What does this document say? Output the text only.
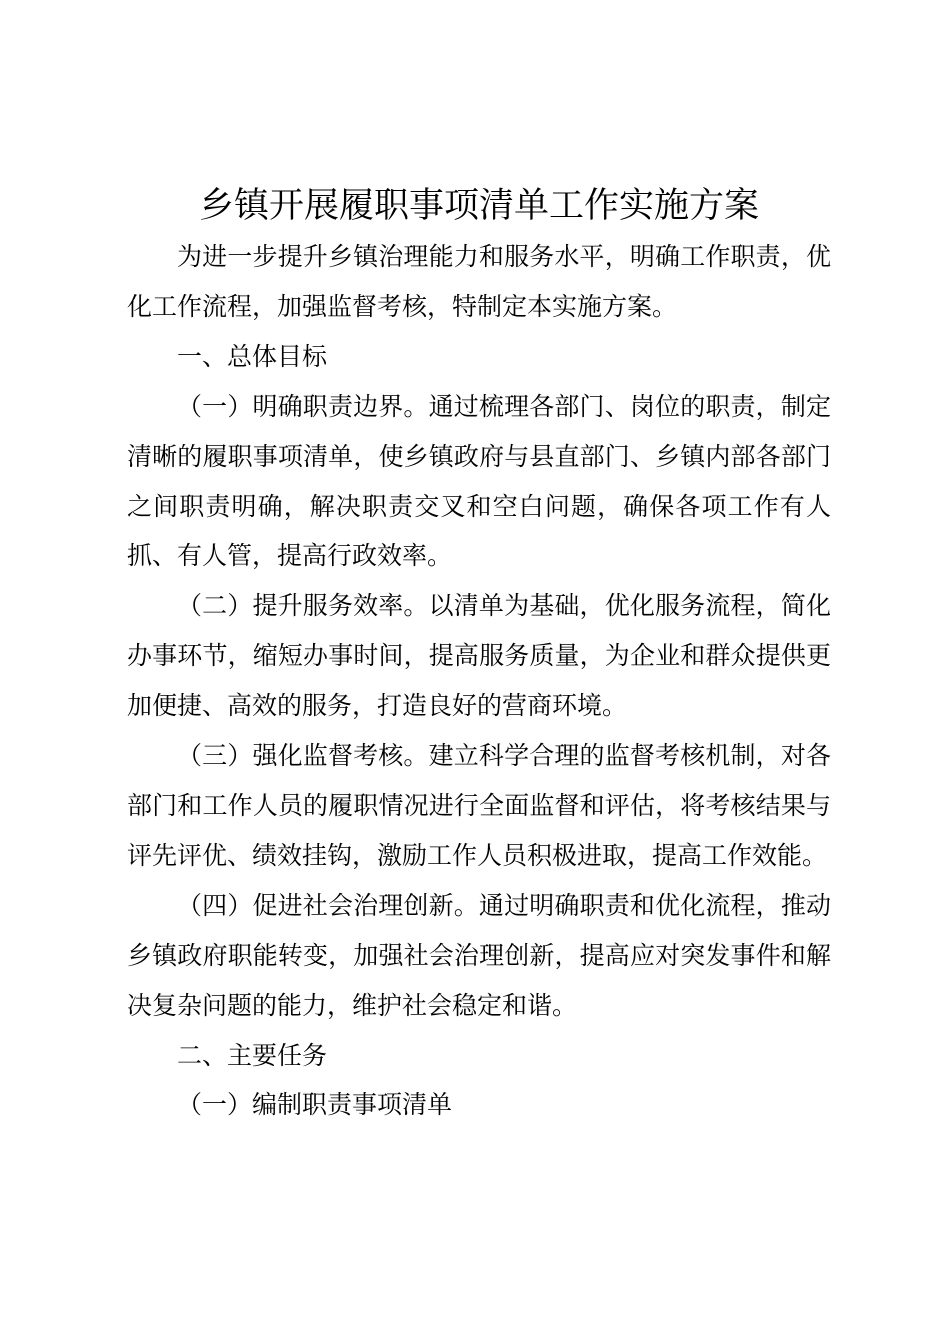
乡镇开展履职事项清单工作实施方案

为进一步提升乡镇治理能力和服务水平，明确工作职责，优化工作流程，加强监督考核，特制定本实施方案。

一、总体目标

（一）明确职责边界。通过梳理各部门、岗位的职责，制定清晰的履职事项清单，使乡镇政府与县直部门、乡镇内部各部门之间职责明确，解决职责交叉和空白问题，确保各项工作有人抓、有人管，提高行政效率。

（二）提升服务效率。以清单为基础，优化服务流程，简化办事环节，缩短办事时间，提高服务质量，为企业和群众提供更加便捷、高效的服务，打造良好的营商环境。

（三）强化监督考核。建立科学合理的监督考核机制，对各部门和工作人员的履职情况进行全面监督和评估，将考核结果与评先评优、绩效挂钩，激励工作人员积极进取，提高工作效能。

（四）促进社会治理创新。通过明确职责和优化流程，推动乡镇政府职能转变，加强社会治理创新，提高应对突发事件和解决复杂问题的能力，维护社会稳定和谐。

二、主要任务

（一）编制职责事项清单
